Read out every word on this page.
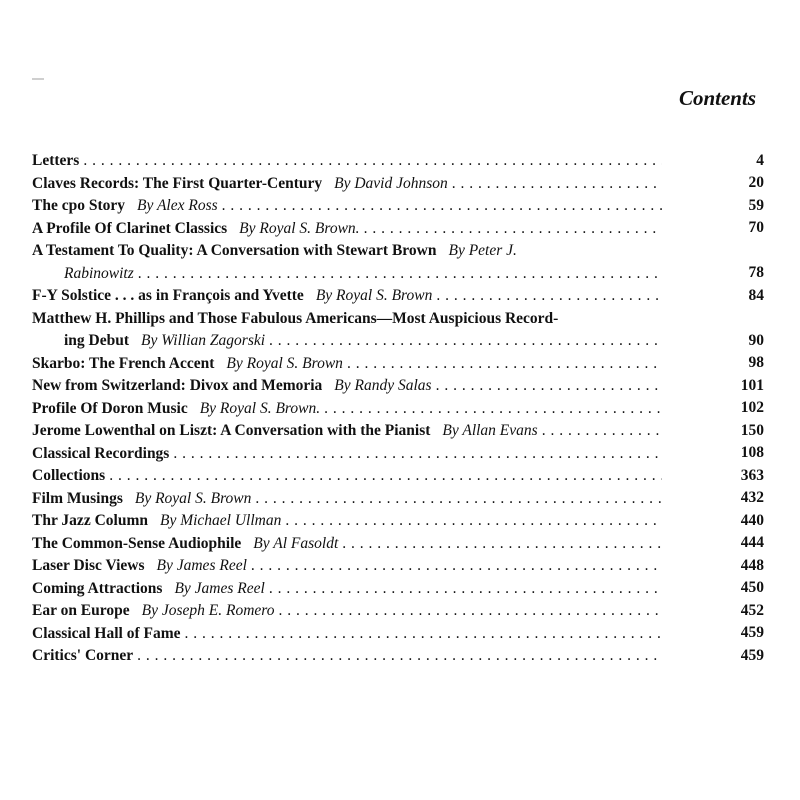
Contents
Letters . . .	4
Claves Records: The First Quarter-Century By David Johnson . . .	20
The cpo Story By Alex Ross . . .	59
A Profile Of Clarinet Classics By Royal S. Brown. . . .	70
A Testament To Quality: A Conversation with Stewart Brown By Peter J.
Rabinowitz . . .	78
F-Y Solstice . . . as in François and Yvette By Royal S. Brown . . .	84
Matthew H. Phillips and Those Fabulous Americans—Most Auspicious Record-
ing Debut By Willian Zagorski . . .	90
Skarbo: The French Accent By Royal S. Brown . . .	98
New from Switzerland: Divox and Memoria By Randy Salas . . .	101
Profile Of Doron Music By Royal S. Brown. . . .	102
Jerome Lowenthal on Liszt: A Conversation with the Pianist By Allan Evans . . .	150
Classical Recordings . . .	108
Collections . . .	363
Film Musings By Royal S. Brown . . .	432
Thr Jazz Column By Michael Ullman . . .	440
The Common-Sense Audiophile By Al Fasoldt . . .	444
Laser Disc Views By James Reel . . .	448
Coming Attractions By James Reel . . .	450
Ear on Europe By Joseph E. Romero . . .	452
Classical Hall of Fame . . .	459
Critics' Corner . . .	459
